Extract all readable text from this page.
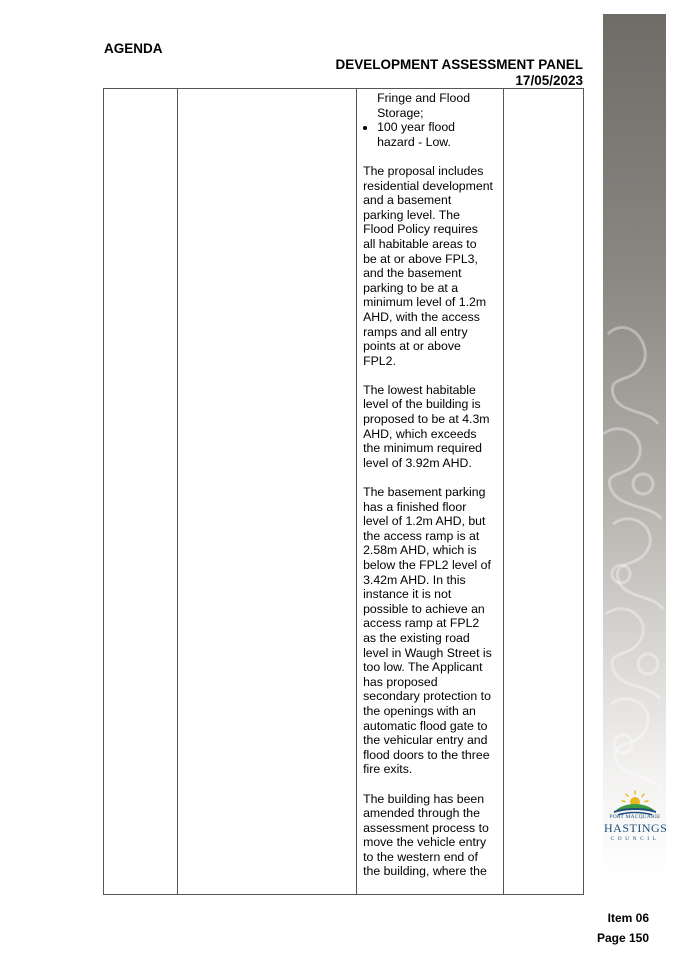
AGENDA
DEVELOPMENT ASSESSMENT PANEL
17/05/2023

Fringe and Flood
Storage;
• 100 year flood
hazard - Low.

The proposal includes
residential development
and a basement
parking level. The
Flood Policy requires
all habitable areas to
be at or above FPL3,
and the basement
parking to be at a
minimum level of 1.2m
AHD, with the access
ramps and all entry
points at or above
FPL2.

The lowest habitable
level of the building is
proposed to be at 4.3m
AHD, which exceeds
the minimum required
level of 3.92m AHD.

The basement parking
has a finished floor
level of 1.2m AHD, but
the access ramp is at
2.58m AHD, which is
below the FPL2 level of
3.42m AHD. In this
instance it is not
possible to achieve an
access ramp at FPL2
as the existing road
level in Waugh Street is
too low. The Applicant
has proposed
secondary protection to
the openings with an
automatic flood gate to
the vehicular entry and
flood doors to the three
fire exits.

The building has been
amended through the
assessment process to
move the vehicle entry
to the western end of
the building, where the

PORT MACQUARIE
HASTINGS
COUNCIL
Item 06
Page 150
